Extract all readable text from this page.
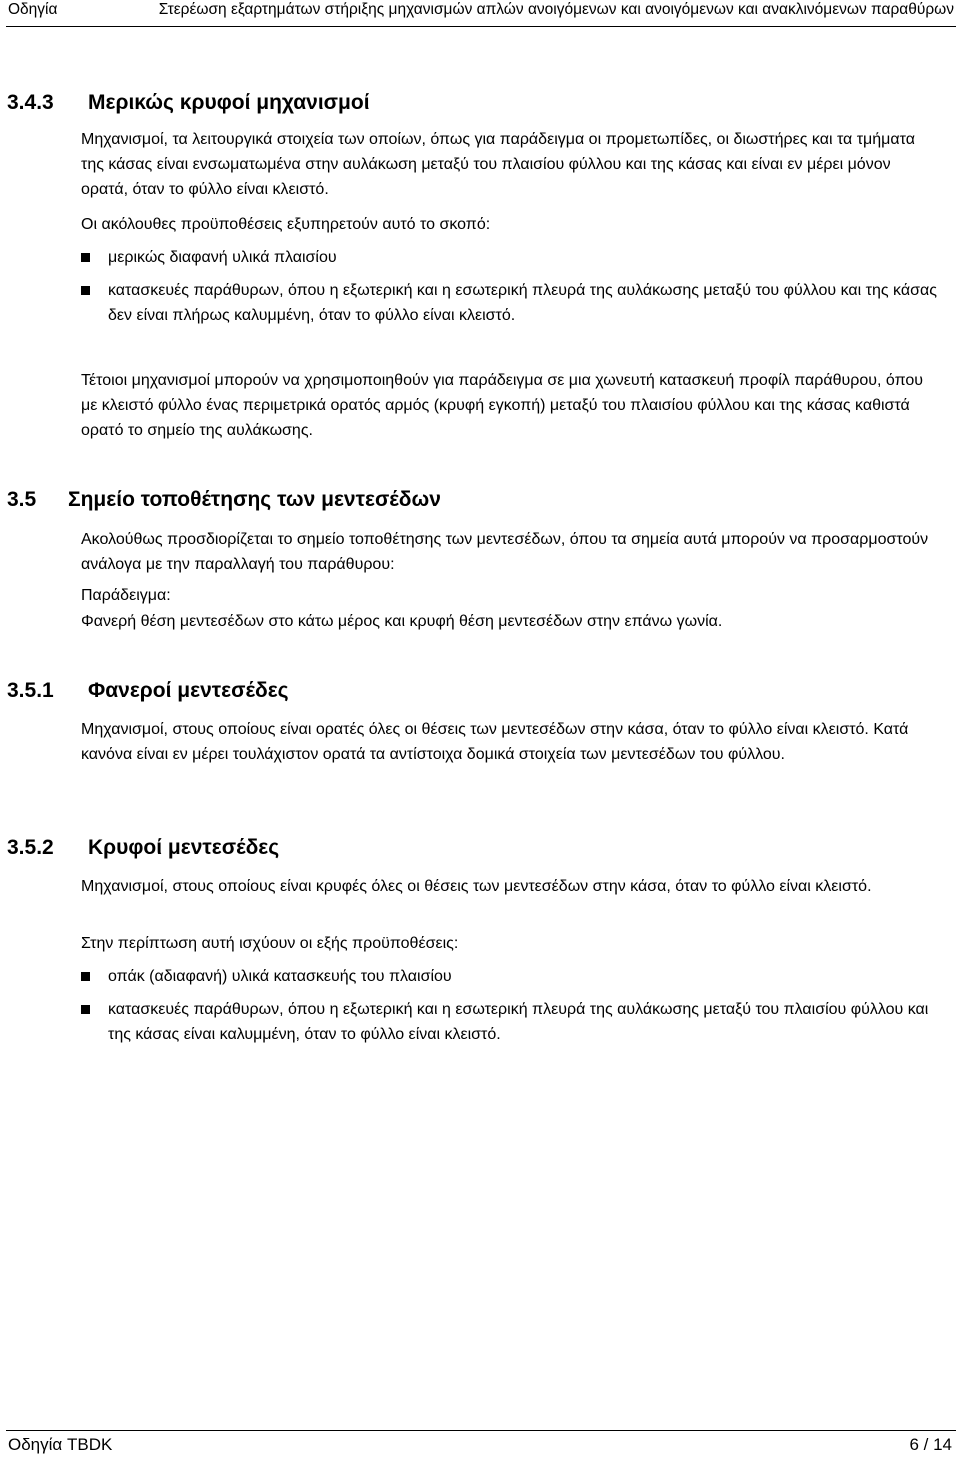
Οδηγία	Στερέωση εξαρτημάτων στήριξης μηχανισμών απλών ανοιγόμενων και ανοιγόμενων και ανακλινόμενων παραθύρων
3.4.3 Μερικώς κρυφοί μηχανισμοί

Μηχανισμοί, τα λειτουργικά στοιχεία των οποίων, όπως για παράδειγμα οι προμετωπίδες, οι διωστήρες και τα τμήματα της κάσας είναι ενσωματωμένα στην αυλάκωση μεταξύ του πλαισίου φύλλου και της κάσας και είναι εν μέρει μόνον ορατά, όταν το φύλλο είναι κλειστό.

Οι ακόλουθες προϋποθέσεις εξυπηρετούν αυτό το σκοπό:

μερικώς διαφανή υλικά πλαισίου
κατασκευές παράθυρων, όπου η εξωτερική και η εσωτερική πλευρά της αυλάκωσης μεταξύ του φύλλου και της κάσας δεν είναι πλήρως καλυμμένη, όταν το φύλλο είναι κλειστό.

Τέτοιοι μηχανισμοί μπορούν να χρησιμοποιηθούν για παράδειγμα σε μια χωνευτή κατασκευή προφίλ παράθυρου, όπου με κλειστό φύλλο ένας περιμετρικά ορατός αρμός (κρυφή εγκοπή) μεταξύ του πλαισίου φύλλου και της κάσας καθιστά ορατό το σημείο της αυλάκωσης.

3.5 Σημείο τοποθέτησης των μεντεσέδων

Ακολούθως προσδιορίζεται το σημείο τοποθέτησης των μεντεσέδων, όπου τα σημεία αυτά μπορούν να προσαρμοστούν ανάλογα με την παραλλαγή του παράθυρου:

Παράδειγμα:

Φανερή θέση μεντεσέδων στο κάτω μέρος και κρυφή θέση μεντεσέδων στην επάνω γωνία.

3.5.1 Φανεροί μεντεσέδες

Μηχανισμοί, στους οποίους είναι ορατές όλες οι θέσεις των μεντεσέδων στην κάσα, όταν το φύλλο είναι κλειστό. Κατά κανόνα είναι εν μέρει τουλάχιστον ορατά τα αντίστοιχα δομικά στοιχεία των μεντεσέδων του φύλλου.

3.5.2 Κρυφοί μεντεσέδες

Μηχανισμοί, στους οποίους είναι κρυφές όλες οι θέσεις των μεντεσέδων στην κάσα, όταν το φύλλο είναι κλειστό.

Στην περίπτωση αυτή ισχύουν οι εξής προϋποθέσεις:

οπάκ (αδιαφανή) υλικά κατασκευής του πλαισίου
κατασκευές παράθυρων, όπου η εξωτερική και η εσωτερική πλευρά της αυλάκωσης μεταξύ του πλαισίου φύλλου και της κάσας είναι καλυμμένη, όταν το φύλλο είναι κλειστό.
Οδηγία TBDK	6 / 14
